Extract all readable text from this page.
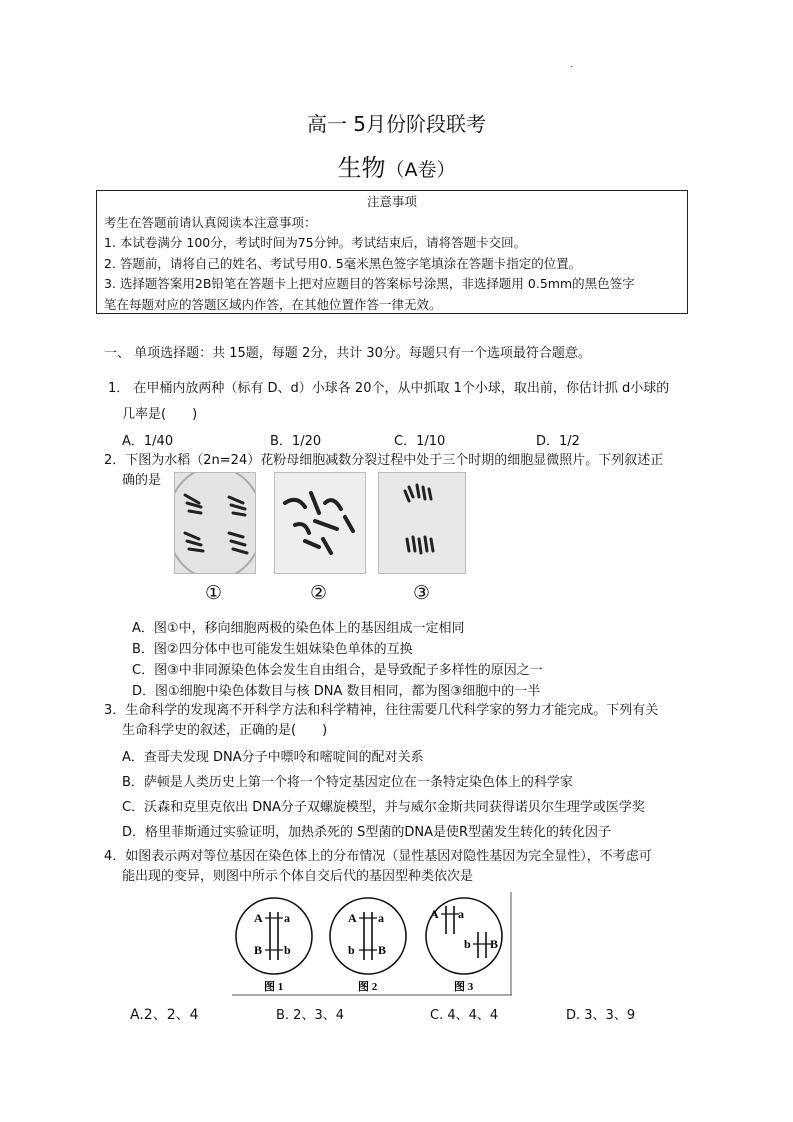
.
高一 5月份阶段联考
生物（A卷）
注意事项
考生在答题前请认真阅读本注意事项：
1. 本试卷满分 100分，考试时间为75分钟。考试结束后，请将答题卡交回。
2. 答题前，请将自己的姓名、考试号用0. 5毫米黑色签字笔填涂在答题卡指定的位置。
3. 选择题答案用2B铅笔在答题卡上把对应题目的答案标号涂黑，非选择题用 0.5mm的黑色签字
笔在每题对应的答题区域内作答，在其他位置作答一律无效。
一、 单项选择题：共 15题，每题 2分，共计 30分。每题只有一个选项最符合题意。
1． 在甲桶内放两种（标有 D、d）小球各 20个，从中抓取 1个小球，取出前，你估计抓 d小球的
几率是(　　)
A．1/40	B．1/20	C．1/10	D．1/2
2．下图为水稻（2n=24）花粉母细胞减数分裂过程中处于三个时期的细胞显微照片。下列叙述正
确的是
①	②	③
A．图①中，移向细胞两极的染色体上的基因组成一定相同
B．图②四分体中也可能发生姐妹染色单体的互换
C．图③中非同源染色体会发生自由组合，是导致配子多样性的原因之一
D．图①细胞中染色体数目与核 DNA 数目相同，都为图③细胞中的一半
3．生命科学的发现离不开科学方法和科学精神，往往需要几代科学家的努力才能完成。下列有关
生命科学史的叙述，正确的是(　　)
A．查哥夫发现 DNA分子中嘌呤和嘧啶间的配对关系
B．萨顿是人类历史上第一个将一个特定基因定位在一条特定染色体上的科学家
C．沃森和克里克依出 DNA分子双螺旋模型，并与威尔金斯共同获得诺贝尔生理学或医学奖
D．格里菲斯通过实验证明，加热杀死的 S型菌的DNA是使R型菌发生转化的转化因子
4．如图表示两对等位基因在染色体上的分布情况（显性基因对隐性基因为完全显性），不考虑可
能出现的变异，则图中所示个体自交后代的基因型种类依次是
A a
B b
图 1
A a
b B
图 2
A a
b B
图 3
A.2、2、4	B. 2、3、4	C. 4、4、4	D. 3、3、9
